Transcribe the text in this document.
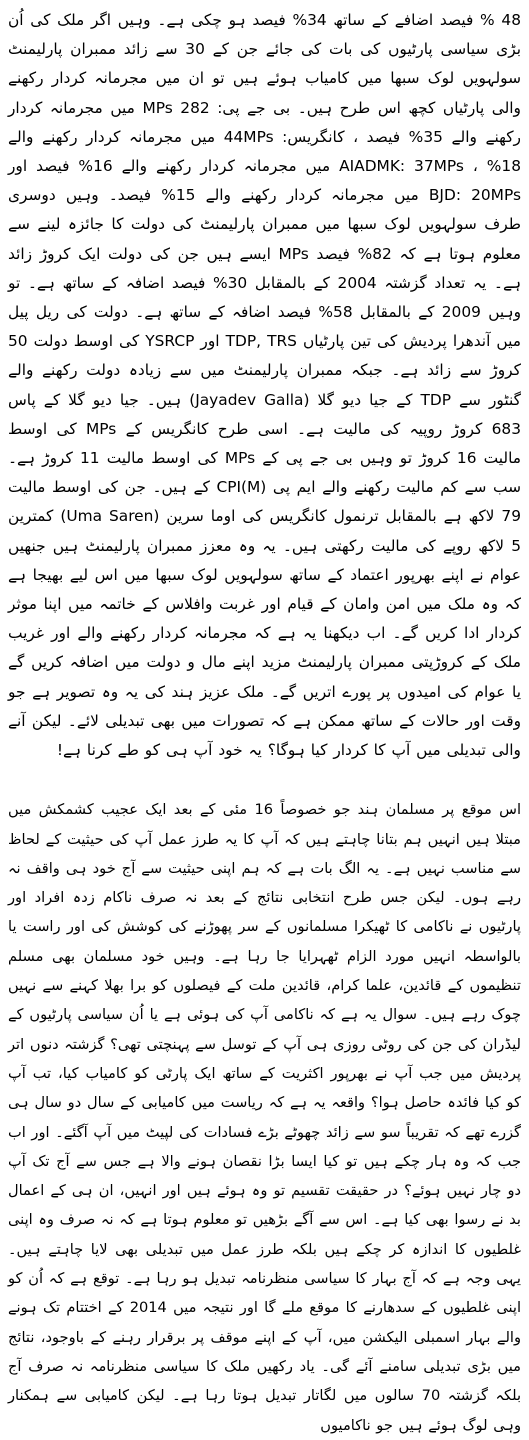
48 % فیصد اضافے کے ساتھ 34% فیصد ہو چکی ہے۔ وہیں اگر ملک کی اُن بڑی سیاسی پارٹیوں کی بات کی جائے جن کے 30 سے زائد ممبران پارلیمنٹ سولہویں لوک سبھا میں کامیاب ہوئے ہیں تو ان میں مجرمانہ کردار رکھنے والی پارٹیاں کچھ اس طرح ہیں۔ بی جے پی: 282 MPs میں مجرمانہ کردار رکھنے والے 35% فیصد ، کانگریس: 44MPs میں مجرمانہ کردار رکھنے والے 18% ، AIADMK: 37MPs میں مجرمانہ کردار رکھنے والے 16% فیصد اور BJD: 20MPs میں مجرمانہ کردار رکھنے والے 15% فیصد۔ وہیں دوسری طرف سولہویں لوک سبھا میں ممبران پارلیمنٹ کی دولت کا جائزہ لینے سے معلوم ہوتا ہے کہ 82% فیصد MPs ایسے ہیں جن کی دولت ایک کروڑ زائد ہے۔ یہ تعداد گزشتہ 2004 کے بالمقابل 30% فیصد اضافہ کے ساتھ ہے۔ تو وہیں 2009 کے بالمقابل 58% فیصد اضافہ کے ساتھ ہے۔ دولت کی ریل پیل میں آندھرا پردیش کی تین پارٹیاں TDP, TRS اور YSRCP کی اوسط دولت 50 کروڑ سے زائد ہے۔ جبکہ ممبران پارلیمنٹ میں سے زیادہ دولت رکھنے والے گنٹور سے TDP کے جیا دیو گلا (Jayadev Galla) ہیں۔ جیا دیو گلا کے پاس 683 کروڑ روپیہ کی مالیت ہے۔ اسی طرح کانگریس کے MPs کی اوسط مالیت 16 کروڑ تو وہیں بی جے پی کے MPs کی اوسط مالیت 11 کروڑ ہے۔ سب سے کم مالیت رکھنے والے ایم پی CPI(M) کے ہیں۔ جن کی اوسط مالیت 79 لاکھ ہے بالمقابل ترنمول کانگریس کی اوما سرین (Uma Saren) کمترین 5 لاکھ روپے کی مالیت رکھتی ہیں۔ یہ وہ معزز ممبران پارلیمنٹ ہیں جنھیں عوام نے اپنے بھرپور اعتماد کے ساتھ سولہویں لوک سبھا میں اس لیے بھیجا ہے کہ وہ ملک میں امن وامان کے قیام اور غربت وافلاس کے خاتمہ میں اپنا موثر کردار ادا کریں گے۔ اب دیکھنا یہ ہے کہ مجرمانہ کردار رکھنے والے اور غریب ملک کے کروڑپتی ممبران پارلیمنٹ مزید اپنے مال و دولت میں اضافہ کریں گے یا عوام کی امیدوں پر پورے اتریں گے۔ ملک عزیز ہند کی یہ وہ تصویر ہے جو وقت اور حالات کے ساتھ ممکن ہے کہ تصورات میں بھی تبدیلی لائے۔ لیکن آنے والی تبدیلی میں آپ کا کردار کیا ہوگا؟ یہ خود آپ ہی کو طے کرنا ہے!

اس موقع پر مسلمان ہند جو خصوصاً 16 مئی کے بعد ایک عجیب کشمکش میں مبتلا ہیں انہیں ہم بتانا چاہتے ہیں کہ آپ کا یہ طرز عمل آپ کی حیثیت کے لحاظ سے مناسب نہیں ہے۔ یہ الگ بات ہے کہ ہم اپنی حیثیت سے آج خود ہی واقف نہ رہے ہوں۔ لیکن جس طرح انتخابی نتائج کے بعد نہ صرف ناکام زدہ افراد اور پارٹیوں نے ناکامی کا ٹھیکرا مسلمانوں کے سر پھوڑنے کی کوشش کی اور راست یا بالواسطہ انہیں مورد الزام ٹھہرایا جا رہا ہے۔ وہیں خود مسلمان بھی مسلم تنظیموں کے قائدین، علما کرام، قائدین ملت کے فیصلوں کو برا بھلا کہنے سے نہیں چوک رہے ہیں۔ سوال یہ ہے کہ ناکامی آپ کی ہوئی ہے یا اُن سیاسی پارٹیوں کے لیڈران کی جن کی روٹی روزی ہی آپ کے توسل سے پہنچتی تھی؟ گزشتہ دنوں اتر پردیش میں جب آپ نے بھرپور اکثریت کے ساتھ ایک پارٹی کو کامیاب کیا، تب آپ کو کیا فائدہ حاصل ہوا؟ واقعہ یہ ہے کہ ریاست میں کامیابی کے سال دو سال ہی گزرے تھے کہ تقریباً سو سے زائد چھوٹے بڑے فسادات کی لپیٹ میں آپ آگئے۔ اور اب جب کہ وہ ہار چکے ہیں تو کیا ایسا بڑا نقصان ہونے والا ہے جس سے آج تک آپ دو چار نہیں ہوئے؟ در حقیقت تقسیم تو وہ ہوئے ہیں اور انہیں، ان ہی کے اعمال بد نے رسوا بھی کیا ہے۔ اس سے آگے بڑھیں تو معلوم ہوتا ہے کہ نہ صرف وہ اپنی غلطیوں کا اندازہ کر چکے ہیں بلکہ طرز عمل میں تبدیلی بھی لایا چاہتے ہیں۔ یہی وجہ ہے کہ آج بہار کا سیاسی منظرنامہ تبدیل ہو رہا ہے۔ توقع ہے کہ اُن کو اپنی غلطیوں کے سدھارنے کا موقع ملے گا اور نتیجہ میں 2014 کے اختتام تک ہونے والے بہار اسمبلی الیکشن میں، آپ کے اپنے موقف پر برقرار رہنے کے باوجود، نتائج میں بڑی تبدیلی سامنے آئے گی۔ یاد رکھیں ملک کا سیاسی منظرنامہ نہ صرف آج بلکہ گزشتہ 70 سالوں میں لگاتار تبدیل ہوتا رہا ہے۔ لیکن کامیابی سے ہمکنار وہی لوگ ہوئے ہیں جو ناکامیوں
